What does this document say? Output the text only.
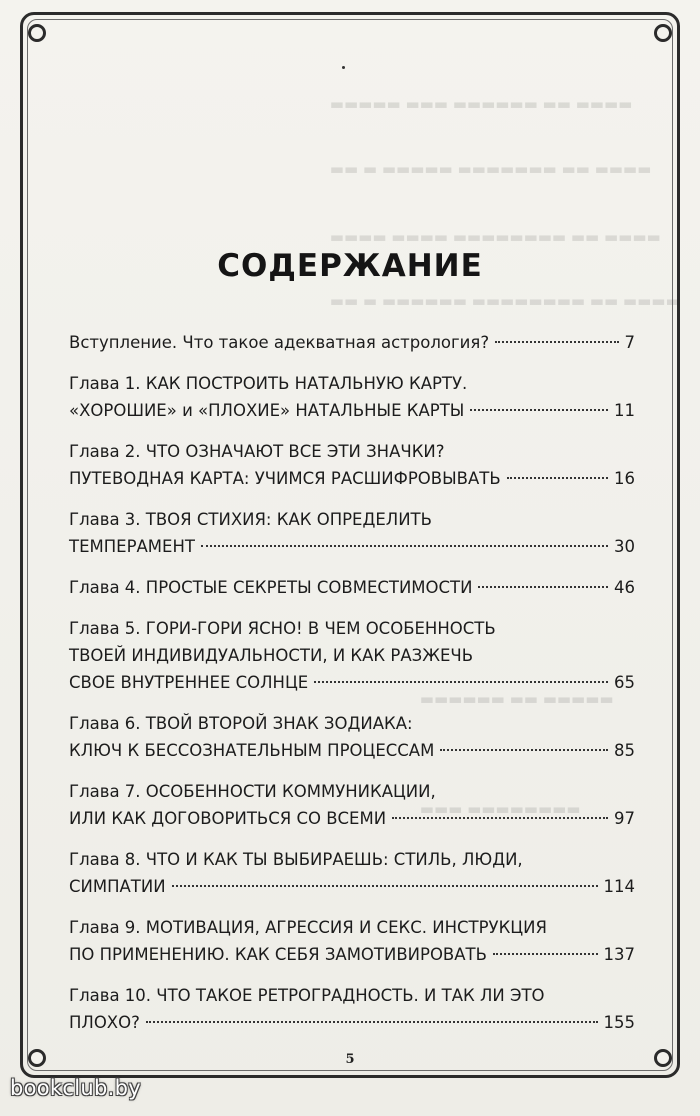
СОДЕРЖАНИЕ
Вступление. Что такое адекватная астрология?	7
Глава 1. КАК ПОСТРОИТЬ НАТАЛЬНУЮ КАРТУ.
«ХОРОШИЕ» и «ПЛОХИЕ» НАТАЛЬНЫЕ КАРТЫ	11
Глава 2. ЧТО ОЗНАЧАЮТ ВСЕ ЭТИ ЗНАЧКИ?
ПУТЕВОДНАЯ КАРТА: УЧИМСЯ РАСШИФРОВЫВАТЬ	16
Глава 3. ТВОЯ СТИХИЯ: КАК ОПРЕДЕЛИТЬ
ТЕМПЕРАМЕНТ	30
Глава 4. ПРОСТЫЕ СЕКРЕТЫ СОВМЕСТИМОСТИ	46
Глава 5. ГОРИ-ГОРИ ЯСНО! В ЧЕМ ОСОБЕННОСТЬ
ТВОЕЙ ИНДИВИДУАЛЬНОСТИ, И КАК РАЗЖЕЧЬ
СВОЕ ВНУТРЕННЕЕ СОЛНЦЕ	65
Глава 6. ТВОЙ ВТОРОЙ ЗНАК ЗОДИАКА:
КЛЮЧ К БЕССОЗНАТЕЛЬНЫМ ПРОЦЕССАМ	85
Глава 7. ОСОБЕННОСТИ КОММУНИКАЦИИ,
ИЛИ КАК ДОГОВОРИТЬСЯ СО ВСЕМИ	97
Глава 8. ЧТО И КАК ТЫ ВЫБИРАЕШЬ: СТИЛЬ, ЛЮДИ,
СИМПАТИИ	114
Глава 9. МОТИВАЦИЯ, АГРЕССИЯ И СЕКС. ИНСТРУКЦИЯ
ПО ПРИМЕНЕНИЮ. КАК СЕБЯ ЗАМОТИВИРОВАТЬ	137
Глава 10. ЧТО ТАКОЕ РЕТРОГРАДНОСТЬ. И ТАК ЛИ ЭТО
ПЛОХО?	155
5
bookclub.by
